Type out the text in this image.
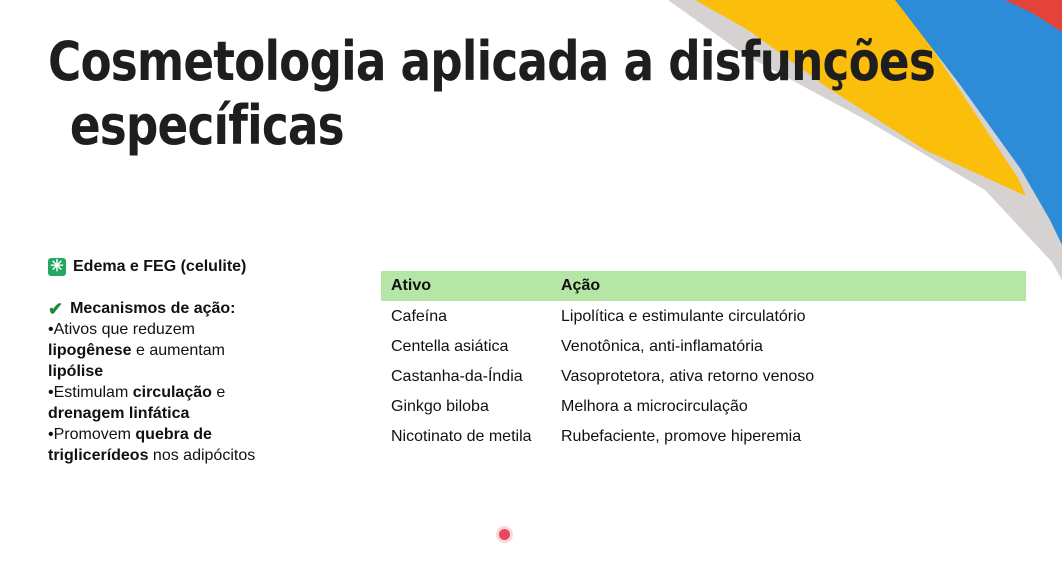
Cosmetologia aplicada a disfunções
específicas
✳ Edema e FEG (celulite)
✔ Mecanismos de ação:
•Ativos que reduzem lipogênese e aumentam lipólise
•Estimulam circulação e drenagem linfática
•Promovem quebra de triglicerídeos nos adipócitos
Ativo	Ação
Cafeína	Lipolítica e estimulante circulatório
Centella asiática	Venotônica, anti-inflamatória
Castanha-da-Índia	Vasoprotetora, ativa retorno venoso
Ginkgo biloba	Melhora a microcirculação
Nicotinato de metila	Rubefaciente, promove hiperemia
